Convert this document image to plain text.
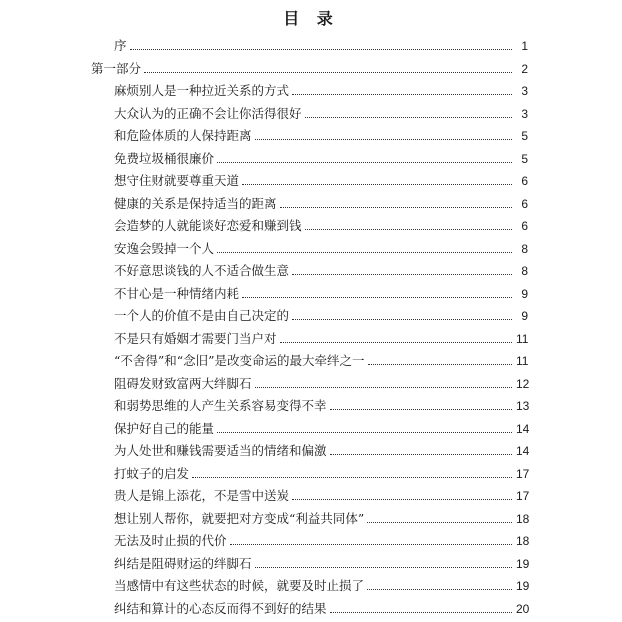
目 录
序	1
第一部分	2
麻烦别人是一种拉近关系的方式	3
大众认为的正确不会让你活得很好	3
和危险体质的人保持距离	5
免费垃圾桶很廉价	5
想守住财就要尊重天道	6
健康的关系是保持适当的距离	6
会造梦的人就能谈好恋爱和赚到钱	6
安逸会毁掉一个人	8
不好意思谈钱的人不适合做生意	8
不甘心是一种情绪内耗	9
一个人的价值不是由自己决定的	9
不是只有婚姻才需要门当户对	11
“不舍得”和“念旧”是改变命运的最大牵绊之一	11
阻碍发财致富两大绊脚石	12
和弱势思维的人产生关系容易变得不幸	13
保护好自己的能量	14
为人处世和赚钱需要适当的情绪和偏激	14
打蚊子的启发	17
贵人是锦上添花，不是雪中送炭	17
想让别人帮你，就要把对方变成“利益共同体”	18
无法及时止损的代价	18
纠结是阻碍财运的绊脚石	19
当感情中有这些状态的时候，就要及时止损了	19
纠结和算计的心态反而得不到好的结果	20
